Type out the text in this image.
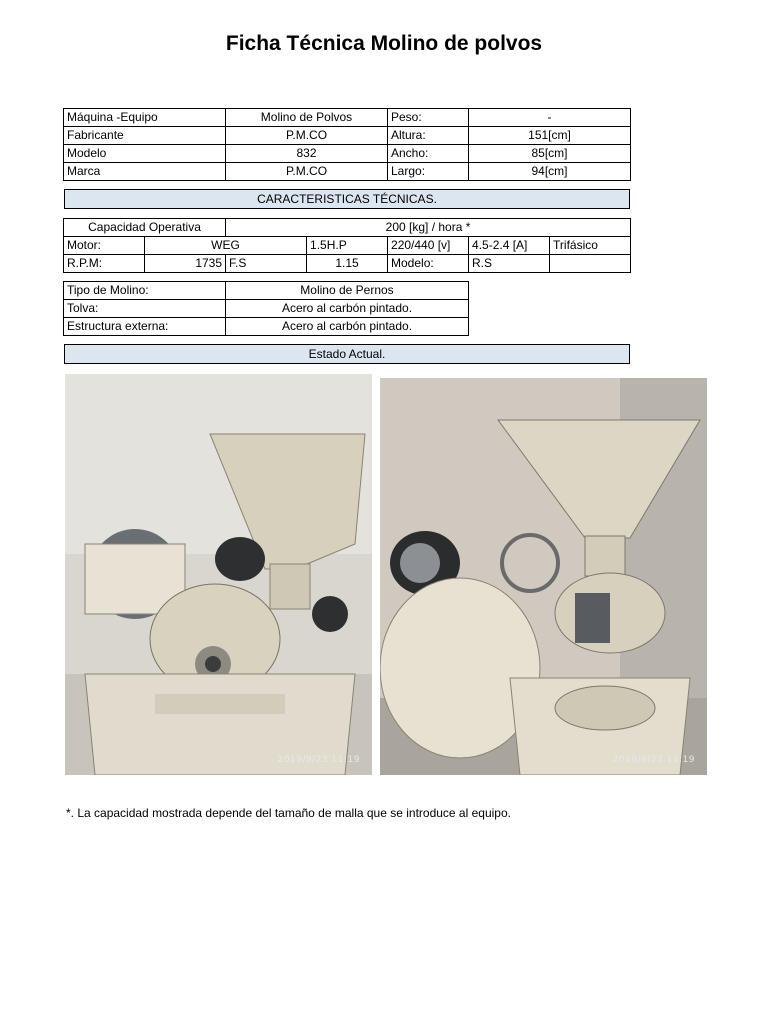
Ficha Técnica Molino de polvos
Máquina -Equipo	Molino de Polvos	Peso:	-
Fabricante	P.M.CO	Altura:	151[cm]
Modelo	832	Ancho:	85[cm]
Marca	P.M.CO	Largo:	94[cm]
CARACTERISTICAS TÉCNICAS.
Capacidad Operativa		200 [kg] / hora *				
Motor:	WEG		1.5H.P	220/440 [v]	4.5-2.4 [A]	Trifásico
R.P.M:	1735	F.S	1.15	Modelo:	R.S	
Tipo de Molino:	Molino de Pernos
Tolva:	Acero al carbón pintado.
Estructura externa:	Acero al carbón pintado.
Estado Actual.
2019/9/23 11:19	2019/9/23 11:19
*. La capacidad mostrada depende del tamaño de malla que se introduce al equipo.
